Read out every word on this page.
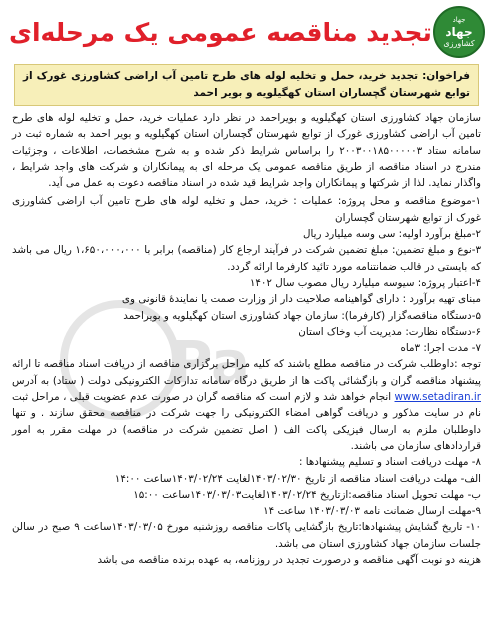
جهاد
جهاد
کشاورزی
تجدید مناقصه عمومی یک مرحله‌ای
فراخوان: تجدید خرید، حمل و تخلیه لوله های طرح تامین آب اراضی کشاورزی غورک از توابع شهرستان گچساران استان کهگیلویه و بویر احمد
Pa

سازمان جهاد کشاورزی استان کهگیلویه و بویراحمد در نظر دارد عملیات خرید، حمل و تخلیه لوله های طرح تامین آب اراضی کشاورزی غورک از توابع شهرستان گچساران استان کهگیلویه و بویر احمد به شماره ثبت در سامانه ستاد ۲۰۰۳۰۰۱۸۵۰۰۰۰۰۳ را براساس شرایط ذکر شده و به شرح مشخصات، اطلاعات ، وجزئیات مندرج در اسناد مناقصه از طریق مناقصه عمومی یک مرحله ای به پیمانکاران و شرکت های واجد شرایط ، واگذار نماید. لذا از شرکتها و پیمانکاران واجد شرایط قید شده در اسناد مناقصه دعوت به عمل می آید.

۱-موضوع مناقصه و محل پروژه: عملیات : خرید، حمل و تخلیه لوله های طرح تامین آب اراضی کشاورزی غورک از توابع شهرستان گچساران

۲-مبلغ برآورد اولیه: سی وسه میلیارد ریال

۳-نوع و مبلغ تضمین: مبلغ تضمین شرکت در فرآیند ارجاع کار (مناقصه) برابر با ۱،۶۵۰،۰۰۰،۰۰۰ ریال می باشد که بایستی در قالب ضمانتنامه مورد تائید کارفرما ارائه گردد.

۴-اعتبار پروژه: سیوسه میلیارد ریال مصوب سال ۱۴۰۲

مبنای تهیه برآورد : دارای گواهینامه صلاحیت دار از وزارت صمت یا نمایندۀ قانونی وی

۵-دستگاه مناقصه‌گزار (کارفرما): سازمان جهاد کشاورزی استان کهگیلویه و بویراحمد

۶-دستگاه نظارت: مدیریت آب وخاک استان

۷- مدت اجرا: ۳ماه

توجه :داوطلب شرکت در مناقصه مطلع باشند که کلیه مراحل برگزاری مناقصه از دریافت اسناد مناقصه تا ارائه پیشنهاد مناقصه گران و بازگشائی پاکت ها از طریق درگاه سامانه تدارکات الکترونیکی دولت ( ستاد) به آدرس www.setadiran.ir انجام خواهد شد و لازم است که مناقصه گران در صورت عدم عضویت قبلی ، مراحل ثبت نام در سایت مذکور و دریافت گواهی امضاء الکترونیکی را جهت شرکت در مناقصه محقق سازند . و تنها داوطلبان ملزم به ارسال فیزیکی پاکت الف ( اصل تضمین شرکت در مناقصه) در مهلت مقرر به امور قراردادهای سازمان می باشند.

۸- مهلت دریافت اسناد و تسلیم پیشنهادها :

الف- مهلت دریافت اسناد مناقصه از تاریخ ۱۴۰۳/۰۲/۳۰لغایت ۱۴۰۳/۰۲/۲۴ساعت ۱۴:۰۰

ب- مهلت تحویل اسناد مناقصه:ازتاریخ ۱۴۰۳/۰۲/۲۴لغایت۱۴۰۳/۰۳/۰۳ساعت ۱۵:۰۰

۹-مهلت ارسال ضمانت نامه ۱۴۰۳/۰۳/۰۳ ساعت ۱۴

۱۰- تاریخ گشایش پیشنهادها:تاریخ بازگشایی پاکات مناقصه روزشنبه مورخ ۱۴۰۳/۰۳/۰۵ساعت ۹ صبح در سالن جلسات سازمان جهاد کشاورزی استان می باشد.

هزینه دو نوبت آگهی مناقصه و درصورت تجدید در روزنامه، به عهده برنده مناقصه می باشد
